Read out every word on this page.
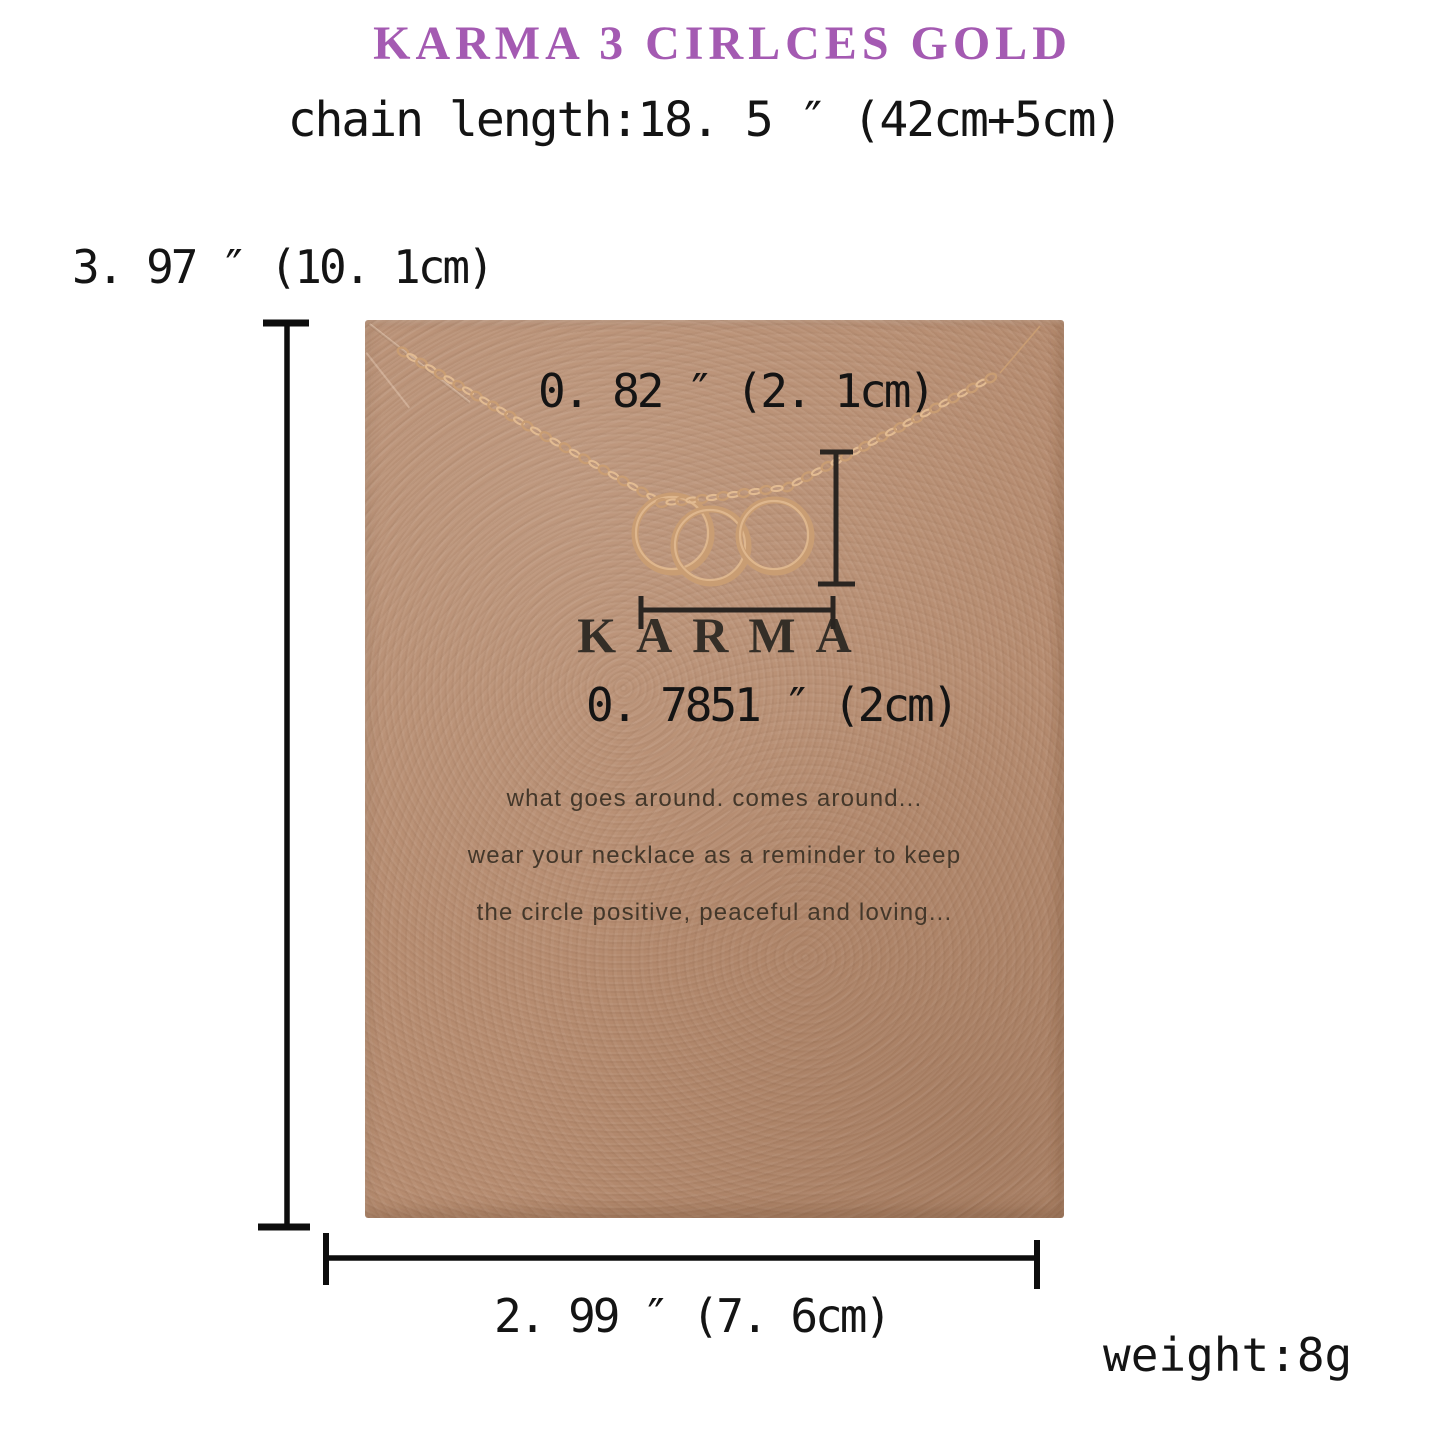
KARMA 3 CIRLCES GOLD
chain length:18. 5 ″ (42cm+5cm)
3. 97 ″ (10. 1cm)
0. 82 ″ (2. 1cm)
KARMA
0. 7851 ″ (2cm)
what goes around. comes around...
wear your necklace as a reminder to keep
the circle positive, peaceful and loving...
2. 99 ″ (7. 6cm)
weight:8g
